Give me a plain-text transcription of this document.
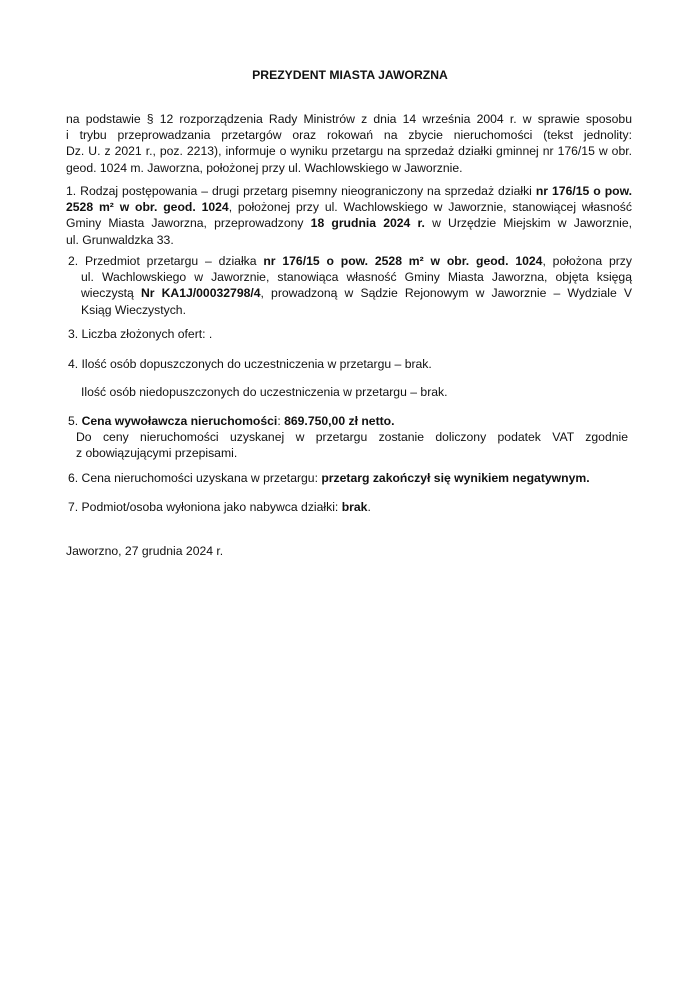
PREZYDENT MIASTA JAWORZNA
na podstawie § 12 rozporządzenia Rady Ministrów z dnia 14 września 2004 r. w sprawie sposobu
i trybu przeprowadzania przetargów oraz rokowań na zbycie nieruchomości (tekst jednolity:
Dz. U. z 2021 r., poz. 2213), informuje o wyniku przetargu na sprzedaż działki gminnej nr 176/15 w obr.
geod. 1024 m. Jaworzna, położonej przy ul. Wachlowskiego w Jaworznie.
1. Rodzaj postępowania – drugi przetarg pisemny nieograniczony na sprzedaż działki nr 176/15 o pow.
2528 m² w obr. geod. 1024, położonej przy ul. Wachlowskiego w Jaworznie, stanowiącej własność
Gminy Miasta Jaworzna, przeprowadzony 18 grudnia 2024 r. w Urzędzie Miejskim w Jaworznie,
ul. Grunwaldzka 33.
2. Przedmiot przetargu – działka nr 176/15 o pow. 2528 m² w obr. geod. 1024, położona przy
ul. Wachlowskiego w Jaworznie, stanowiąca własność Gminy Miasta Jaworzna, objęta księgą
wieczystą Nr KA1J/00032798/4, prowadzoną w Sądzie Rejonowym w Jaworznie – Wydziale V
Ksiąg Wieczystych.
3. Liczba złożonych ofert: .
4. Ilość osób dopuszczonych do uczestniczenia w przetargu – brak.
Ilość osób niedopuszczonych do uczestniczenia w przetargu – brak.
5. Cena wywoławcza nieruchomości: 869.750,00 zł netto.
Do ceny nieruchomości uzyskanej w przetargu zostanie doliczony podatek VAT zgodnie
z obowiązującymi przepisami.
6. Cena nieruchomości uzyskana w przetargu: przetarg zakończył się wynikiem negatywnym.
7. Podmiot/osoba wyłoniona jako nabywca działki: brak.
Jaworzno, 27 grudnia 2024 r.
